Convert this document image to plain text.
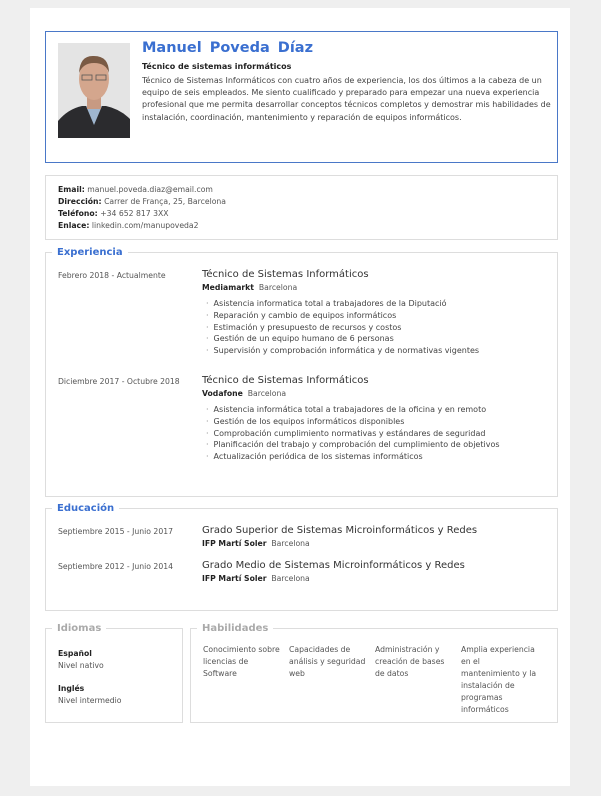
Manuel Poveda Díaz
Técnico de sistemas informáticos
Técnico de Sistemas Informáticos con cuatro años de experiencia, los dos últimos a la cabeza de un equipo de seis empleados. Me siento cualificado y preparado para empezar una nueva experiencia profesional que me permita desarrollar conceptos técnicos completos y demostrar mis habilidades de instalación, coordinación, mantenimiento y reparación de equipos informáticos.
Email: manuel.poveda.diaz@email.com
Dirección: Carrer de França, 25, Barcelona
Teléfono: +34 652 817 3XX
Enlace: linkedin.com/manupoveda2
Experiencia
Febrero 2018 - Actualmente	Técnico de Sistemas Informáticos
Mediamarkt Barcelona
· Asistencia informatica total a trabajadores de la Diputació
· Reparación y cambio de equipos informáticos
· Estimación y presupuesto de recursos y costos
· Gestión de un equipo humano de 6 personas
· Supervisión y comprobación informática y de normativas vigentes
Diciembre 2017 - Octubre 2018	Técnico de Sistemas Informáticos
Vodafone Barcelona
· Asistencia informática total a trabajadores de la oficina y en remoto
· Gestión de los equipos informáticos disponibles
· Comprobación cumplimiento normativas y estándares de seguridad
· Planificación del trabajo y comprobación del cumplimiento de objetivos
· Actualización periódica de los sistemas informáticos
Educación
Septiembre 2015 - Junio 2017	Grado Superior de Sistemas Microinformáticos y Redes
IFP Martí Soler Barcelona
Septiembre 2012 - Junio 2014	Grado Medio de Sistemas Microinformáticos y Redes
IFP Martí Soler Barcelona
Idiomas
Español
Nivel nativo
Inglés
Nivel intermedio
Habilidades
Conocimiento sobre licencias de Software
Capacidades de análisis y seguridad web
Administración y creación de bases de datos
Amplia experiencia en el mantenimiento y la instalación de programas informáticos
